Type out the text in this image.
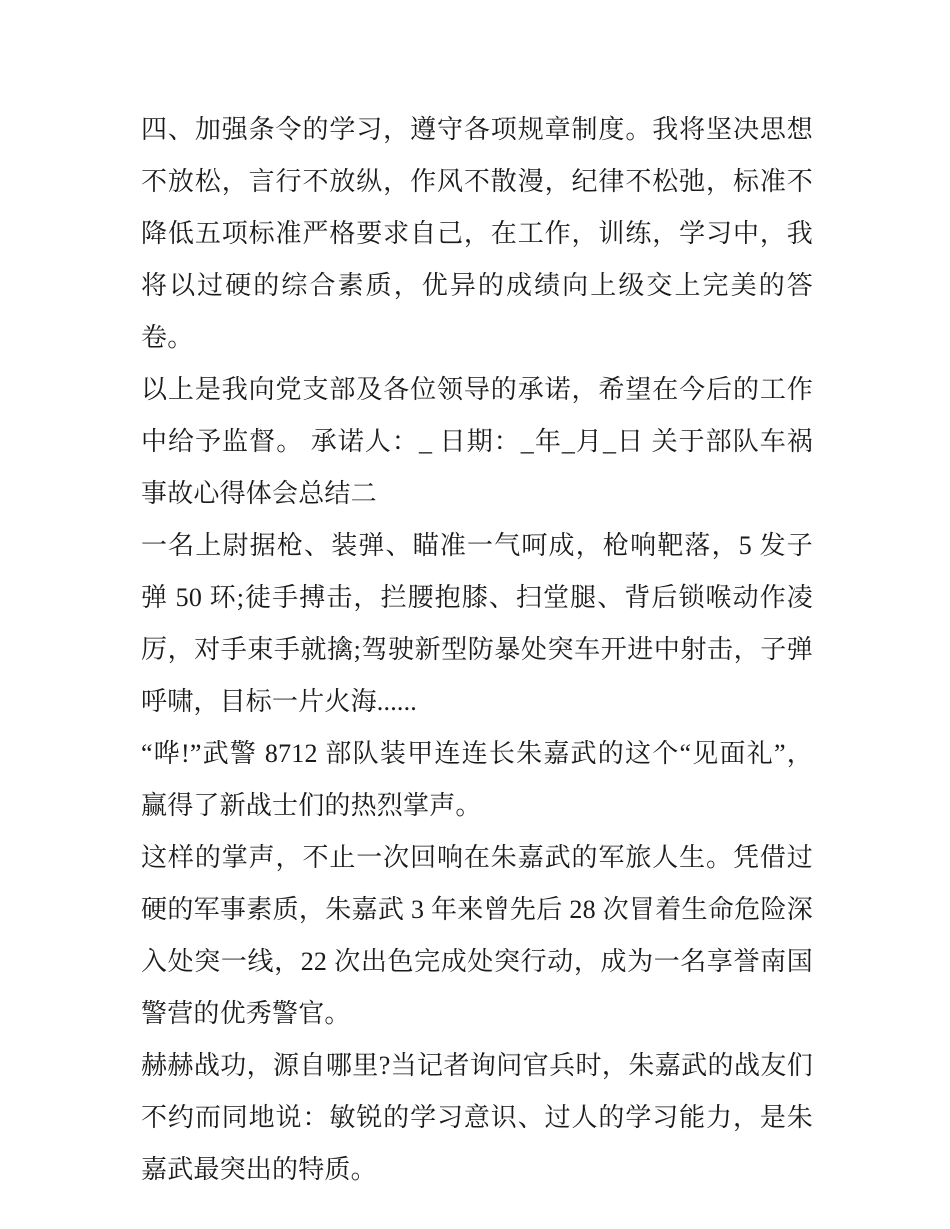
四、加强条令的学习，遵守各项规章制度。我将坚决思想不放松，言行不放纵，作风不散漫，纪律不松弛，标准不降低五项标准严格要求自己，在工作，训练，学习中，我将以过硬的综合素质，优异的成绩向上级交上完美的答卷。

以上是我向党支部及各位领导的承诺，希望在今后的工作中给予监督。 承诺人：_ 日期：_年_月_日 关于部队车祸事故心得体会总结二

一名上尉据枪、装弹、瞄准一气呵成，枪响靶落，5 发子弹 50 环;徒手搏击，拦腰抱膝、扫堂腿、背后锁喉动作凌厉，对手束手就擒;驾驶新型防暴处突车开进中射击，子弹呼啸，目标一片火海......

“哗!”武警 8712 部队装甲连连长朱嘉武的这个“见面礼”，赢得了新战士们的热烈掌声。

这样的掌声，不止一次回响在朱嘉武的军旅人生。凭借过硬的军事素质，朱嘉武 3 年来曾先后 28 次冒着生命危险深入处突一线，22 次出色完成处突行动，成为一名享誉南国警营的优秀警官。

赫赫战功，源自哪里?当记者询问官兵时，朱嘉武的战友们不约而同地说：敏锐的学习意识、过人的学习能力，是朱嘉武最突出的特质。
